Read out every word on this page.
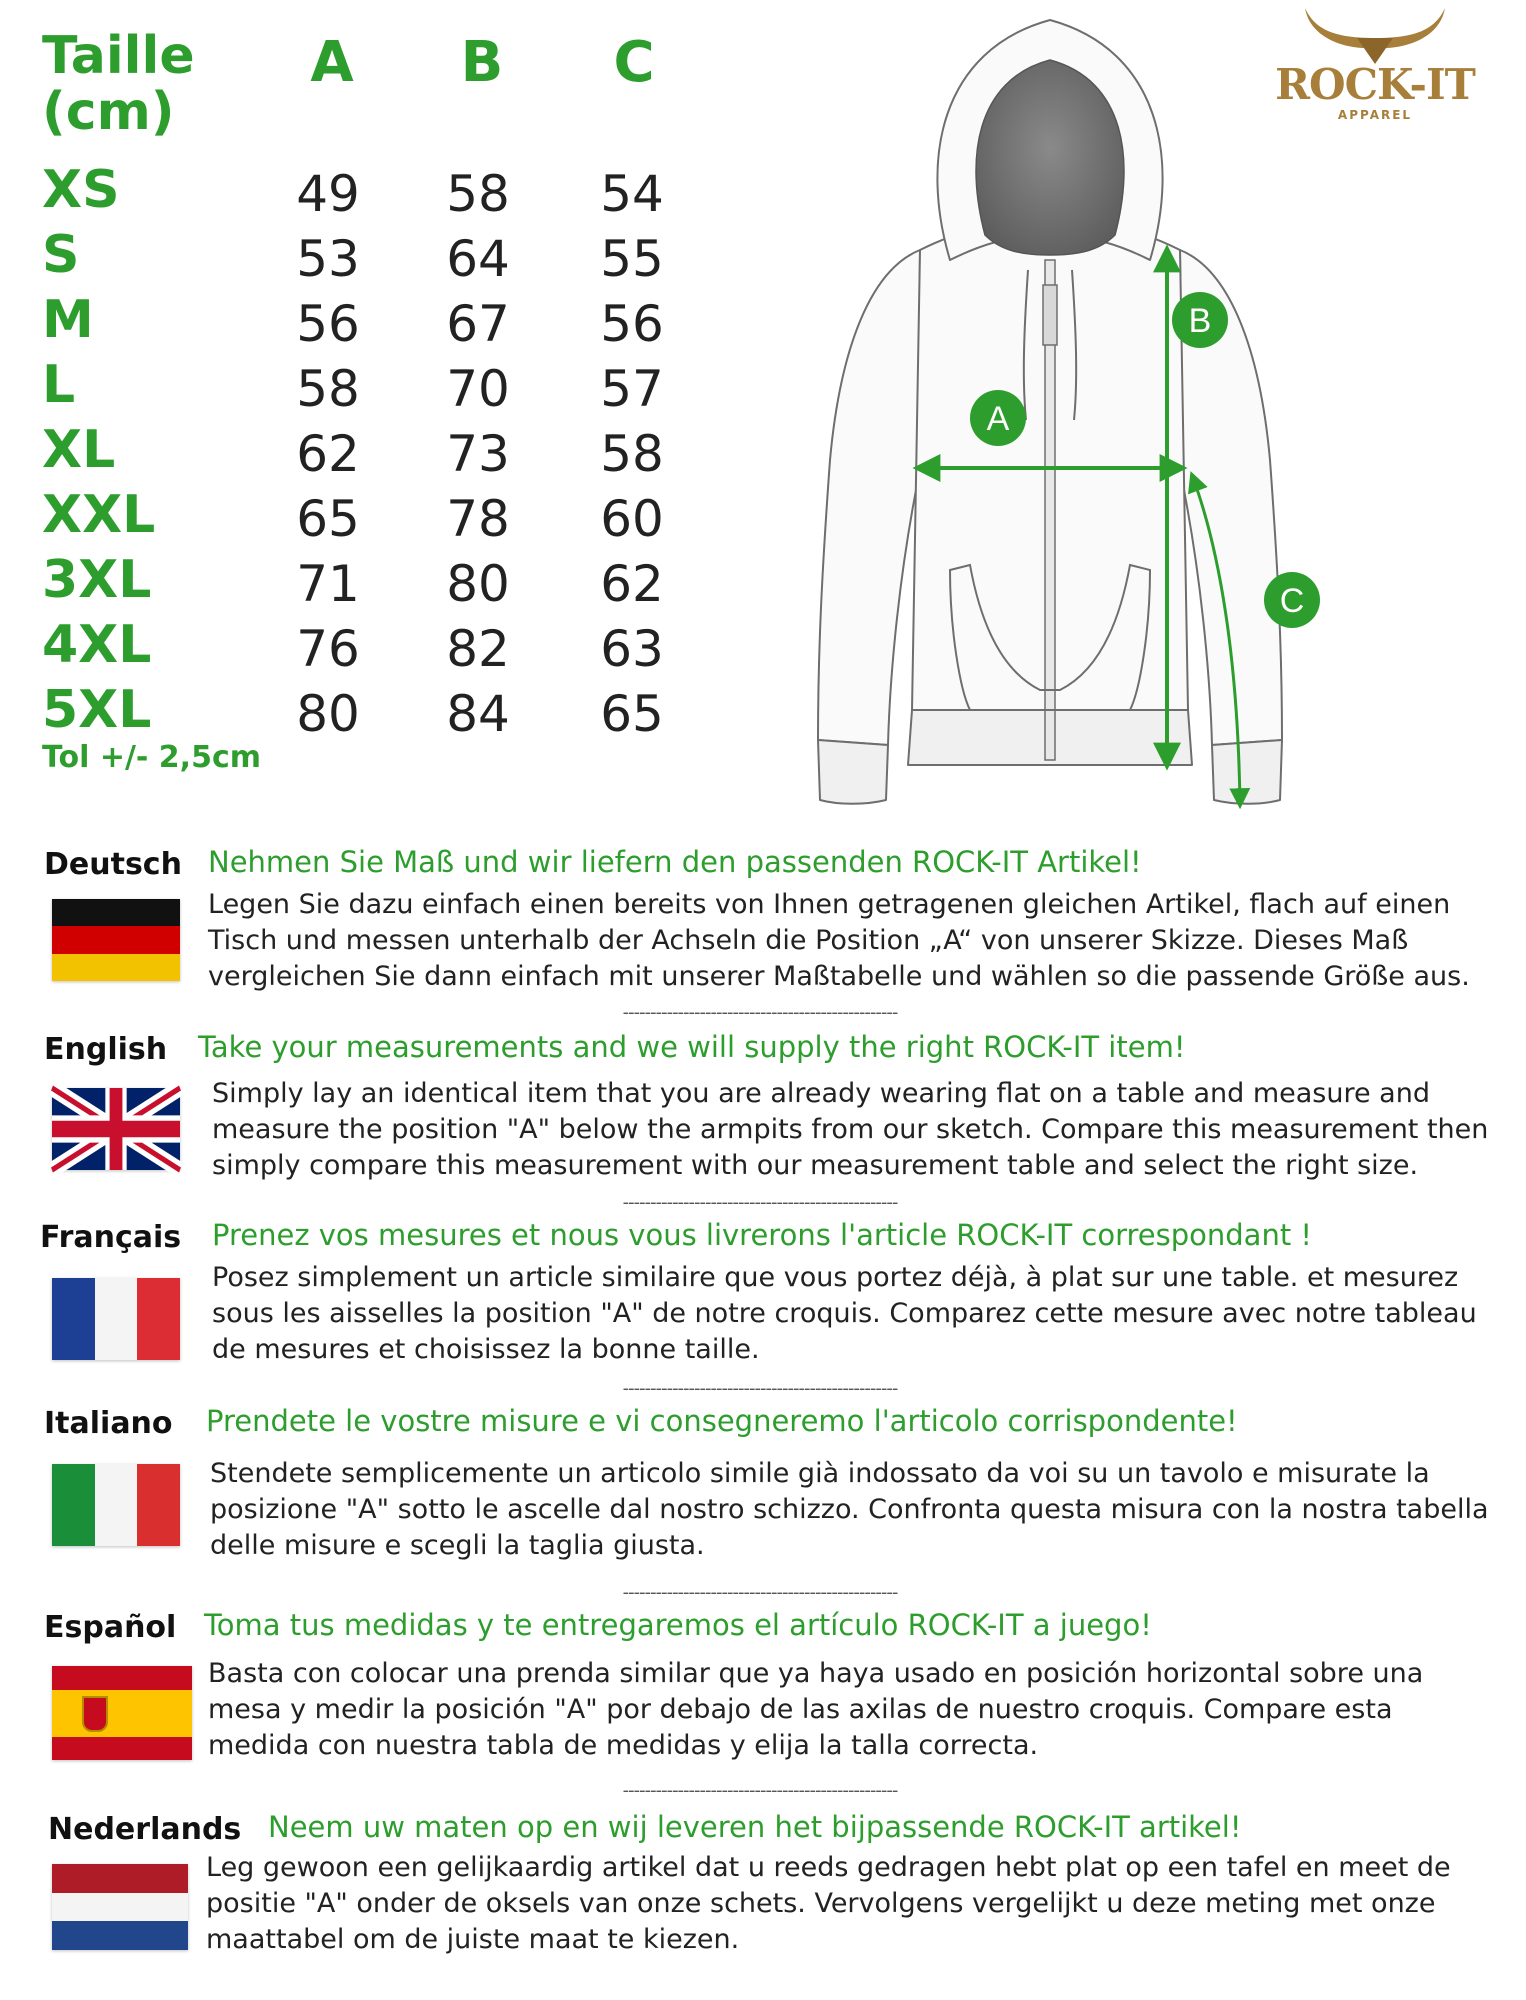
Taille (cm)
A	B	C
XS	49	58	54
S	53	64	55
M	56	67	56
L	58	70	57
XL	62	73	58
XXL	65	78	60
3XL	71	80	62
4XL	76	82	63
5XL	80	84	65
Tol +/- 2,5cm
A
B
C
ROCK-IT
APPAREL
Deutsch Nehmen Sie Maß und wir liefern den passenden ROCK-IT Artikel!
Legen Sie dazu einfach einen bereits von Ihnen getragenen gleichen Artikel, flach auf einen Tisch und messen unterhalb der Achseln die Position „A“ von unserer Skizze. Dieses Maß vergleichen Sie dann einfach mit unserer Maßtabelle und wählen so die passende Größe aus.
--------------------------------------------------
English Take your measurements and we will supply the right ROCK-IT item!
Simply lay an identical item that you are already wearing flat on a table and measure and measure the position "A" below the armpits from our sketch. Compare this measurement then simply compare this measurement with our measurement table and select the right size.
--------------------------------------------------
Français Prenez vos mesures et nous vous livrerons l'article ROCK-IT correspondant !
Posez simplement un article similaire que vous portez déjà, à plat sur une table. et mesurez sous les aisselles la position "A" de notre croquis. Comparez cette mesure avec notre tableau de mesures et choisissez la bonne taille.
--------------------------------------------------
Italiano Prendete le vostre misure e vi consegneremo l'articolo corrispondente!
Stendete semplicemente un articolo simile già indossato da voi su un tavolo e misurate la posizione "A" sotto le ascelle dal nostro schizzo. Confronta questa misura con la nostra tabella delle misure e scegli la taglia giusta.
--------------------------------------------------
Español Toma tus medidas y te entregaremos el artículo ROCK-IT a juego!
Basta con colocar una prenda similar que ya haya usado en posición horizontal sobre una mesa y medir la posición "A" por debajo de las axilas de nuestro croquis. Compare esta medida con nuestra tabla de medidas y elija la talla correcta.
--------------------------------------------------
Nederlands Neem uw maten op en wij leveren het bijpassende ROCK-IT artikel!
Leg gewoon een gelijkaardig artikel dat u reeds gedragen hebt plat op een tafel en meet de positie "A" onder de oksels van onze schets. Vervolgens vergelijkt u deze meting met onze maattabel om de juiste maat te kiezen.
